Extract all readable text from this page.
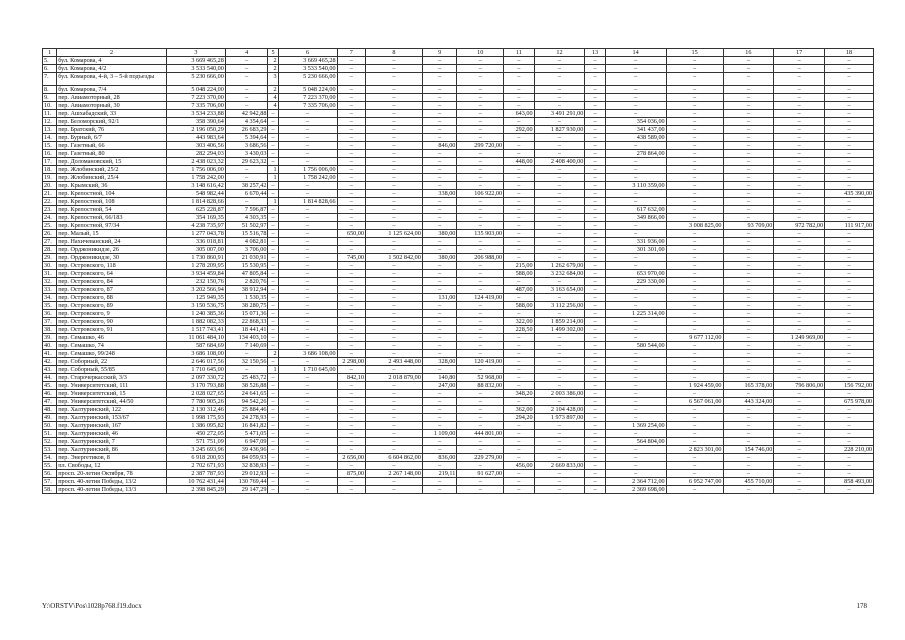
1	2	3	4	5	6	7	8	9	10	11	12	13	14	15	16	17	18
5.	бул. Комарова, 4	3 669 465,28	–	2	3 669 465,28	–	–	–	–	–	–	–	–	–	–	–	–
6.	бул. Комарова, 4/2	3 533 540,00	–	2	3 533 540,00	–	–	–	–	–	–	–	–	–	–	–	–
7.	бул. Комарова, 4-й, 3 – 5-й подъезды	5 230 666,00	–	3	5 230 666,00	–	–	–	–	–	–	–	–	–	–	–	–
8.	бул. Комарова, 7/4	5 048 224,00	–	2	5 048 224,00	–	–	–	–	–	–	–	–	–	–	–	–
9.	пер. Авиамоторный, 28	7 223 370,00	–	4	7 223 370,00	–	–	–	–	–	–	–	–	–	–	–	–
10.	пер. Авиамоторный, 30	7 335 706,00	–	4	7 335 706,00	–	–	–	–	–	–	–	–	–	–	–	–
11.	пер. Ашхабадский, 33	3 534 233,88	42 942,88	–	–	–	–	–	–	643,00	3 491 291,00	–	–	–	–	–	–
12.	пер. Беломорский, 92/1	358 390,64	4 354,64	–	–	–	–	–	–	–	–	–	354 036,00	–	–	–	–
13.	пер. Братский, 76	2 196 050,29	26 683,29	–	–	–	–	–	–	292,00	1 827 930,00	–	341 437,00	–	–	–	–
14.	пер. Бурный, 6/7	443 983,64	5 394,64	–	–	–	–	–	–	–	–	–	438 589,00	–	–	–	–
15.	пер. Газетный, 66	303 406,56	3 686,56	–	–	–	–	846,00	299 720,00	–	–	–	–	–	–	–	–
16.	пер. Газетный, 80	282 294,03	3 430,03	–	–	–	–	–	–	–	–	–	278 864,00	–	–	–	–
17.	пер. Доломановский, 15	2 438 023,32	29 623,32	–	–	–	–	–	–	448,00	2 408 400,00	–	–	–	–	–	–
18.	пер. Жлобинский, 25/2	1 756 006,00	–	1	1 756 006,00	–	–	–	–	–	–	–	–	–	–	–	–
19.	пер. Жлобинский, 25/4	1 758 242,00	–	1	1 758 242,00	–	–	–	–	–	–	–	–	–	–	–	–
20.	пер. Крымский, 36	3 148 616,42	38 257,42	–	–	–	–	–	–	–	–	–	3 110 359,00	–	–	–	–
21.	пер. Крепостной, 104	548 982,44	6 670,44	–	–	–	–	338,00	106 922,00	–	–	–	–	–	–	–	435 390,00
22.	пер. Крепостной, 108	1 814 828,66	–	1	1 814 828,66	–	–	–	–	–	–	–	–	–	–	–	–
23.	пер. Крепостной, 54	625 228,87	7 596,87	–	–	–	–	–	–	–	–	–	617 632,00	–	–	–	–
24.	пер. Крепостной, 66/183	354 169,35	4 303,35	–	–	–	–	–	–	–	–	–	349 866,00	–	–	–	–
25.	пер. Крепостной, 97/34	4 238 735,97	51 502,97	–	–	–	–	–	–	–	–	–	–	3 008 825,00	93 709,00	972 782,00	111 917,00
26.	пер. Малый, 15	1 277 043,78	15 516,78	–	–	650,00	1 125 624,00	380,00	135 903,00	–	–	–	–	–	–	–	–
27.	пер. Нахичеванский, 24	336 018,81	4 082,81	–	–	–	–	–	–	–	–	–	331 936,00	–	–	–	–
28.	пер. Орджоникидзе, 26	305 007,00	3 706,00	–	–	–	–	–	–	–	–	–	301 301,00	–	–	–	–
29.	пер. Орджоникидзе, 30	1 730 860,91	21 030,91	–	–	745,00	1 502 842,00	380,00	206 988,00	–	–	–	–	–	–	–	–
30.	пер. Островского, 118	1 278 209,95	15 530,95	–	–	–	–	–	–	215,00	1 262 679,00	–	–	–	–	–	–
31.	пер. Островского, 64	3 934 459,84	47 805,84	–	–	–	–	–	–	588,00	3 232 684,00	–	653 970,00	–	–	–	–
32.	пер. Островского, 84	232 150,76	2 820,76	–	–	–	–	–	–	–	–	–	229 330,00	–	–	–	–
33.	пер. Островского, 87	3 202 566,94	38 912,94	–	–	–	–	–	–	487,00	3 163 654,00	–	–	–	–	–	–
34.	пер. Островского, 88	125 949,35	1 530,35	–	–	–	–	131,00	124 419,00	–	–	–	–	–	–	–	–
35.	пер. Островского, 89	3 150 536,75	38 280,75	–	–	–	–	–	–	588,00	3 112 256,00	–	–	–	–	–	–
36.	пер. Островского, 9	1 240 385,36	15 071,36	–	–	–	–	–	–	–	–	–	1 225 314,00	–	–	–	–
37.	пер. Островского, 90	1 882 082,33	22 868,33	–	–	–	–	–	–	322,00	1 859 214,00	–	–	–	–	–	–
38.	пер. Островского, 91	1 517 743,41	18 441,41	–	–	–	–	–	–	228,50	1 499 302,00	–	–	–	–	–	–
39.	пер. Семашко, 46	11 061 484,10	134 403,10	–	–	–	–	–	–	–	–	–	–	9 677 112,00	–	1 249 969,00	–
40.	пер. Семашко, 74	587 684,69	7 140,69	–	–	–	–	–	–	–	–	–	580 544,00	–	–	–	–
41.	пер. Семашко, 99/248	3 686 108,00	–	2	3 686 108,00	–	–	–	–	–	–	–	–	–	–	–	–
42.	пер. Соборный, 22	2 646 017,56	32 150,56	–	–	2 298,00	2 493 448,00	328,00	120 419,00	–	–	–	–	–	–	–	–
43.	пер. Соборный, 55/85	1 710 645,00	–	1	1 710 645,00	–	–	–	–	–	–	–	–	–	–	–	–
44.	пер. Старочеркасский, 3/3	2 097 330,72	25 483,72	–	–	842,10	2 018 879,00	140,80	52 968,00	–	–	–	–	–	–	–	–
45.	пер. Университетский, 111	3 170 793,88	38 526,88	–	–	–	–	247,00	88 832,00	–	–	–	–	1 924 459,00	165 378,00	796 806,00	156 792,00
46.	пер. Университетский, 15	2 028 027,65	24 641,65	–	–	–	–	–	–	348,20	2 003 386,00	–	–	–	–	–	–
47.	пер. Университетский, 44/50	7 780 905,26	94 542,26	–	–	–	–	–	–	–	–	–	–	6 567 061,00	443 324,00	–	675 978,00
48.	пер. Халтуринский, 122	2 130 312,46	25 884,46	–	–	–	–	–	–	362,00	2 104 428,00	–	–	–	–	–	–
49.	пер. Халтуринский, 153/67	1 998 175,93	24 278,93	–	–	–	–	–	–	294,20	1 973 897,00	–	–	–	–	–	–
50.	пер. Халтуринский, 167	1 386 095,82	16 841,82	–	–	–	–	–	–	–	–	–	1 369 254,00	–	–	–	–
51.	пер. Халтуринский, 46	450 272,05	5 471,05	–	–	–	–	1 109,00	444 801,00	–	–	–	–	–	–	–	–
52.	пер. Халтуринский, 7	571 751,09	6 947,09	–	–	–	–	–	–	–	–	–	564 804,00	–	–	–	–
53.	пер. Халтуринский, 86	3 245 693,96	39 436,96	–	–	–	–	–	–	–	–	–	–	2 823 301,00	154 746,00	–	228 210,00
54.	пер. Энергетиков, 8	6 918 200,93	84 059,93	–	–	2 656,00	6 604 862,00	836,00	229 279,00	–	–	–	–	–	–	–	–
55.	пл. Свободы, 12	2 702 671,93	32 838,93	–	–	–	–	–	–	456,00	2 669 833,00	–	–	–	–	–	–
56.	просп. 20-летия Октября, 78	2 387 787,93	29 012,93	–	–	875,00	2 267 148,00	219,11	91 627,00	–	–	–	–	–	–	–	–
57.	просп. 40-летия Победы, 13/2	10 762 431,44	130 769,44	–	–	–	–	–	–	–	–	–	2 364 712,00	6 952 747,00	455 710,00	–	858 493,00
58.	просп. 40-летия Победы, 13/3	2 398 845,29	29 147,29	–	–	–	–	–	–	–	–	–	2 369 698,00	–	–	–	–
Y:\ORSTV\Pos\1028p768.f19.docx	178
